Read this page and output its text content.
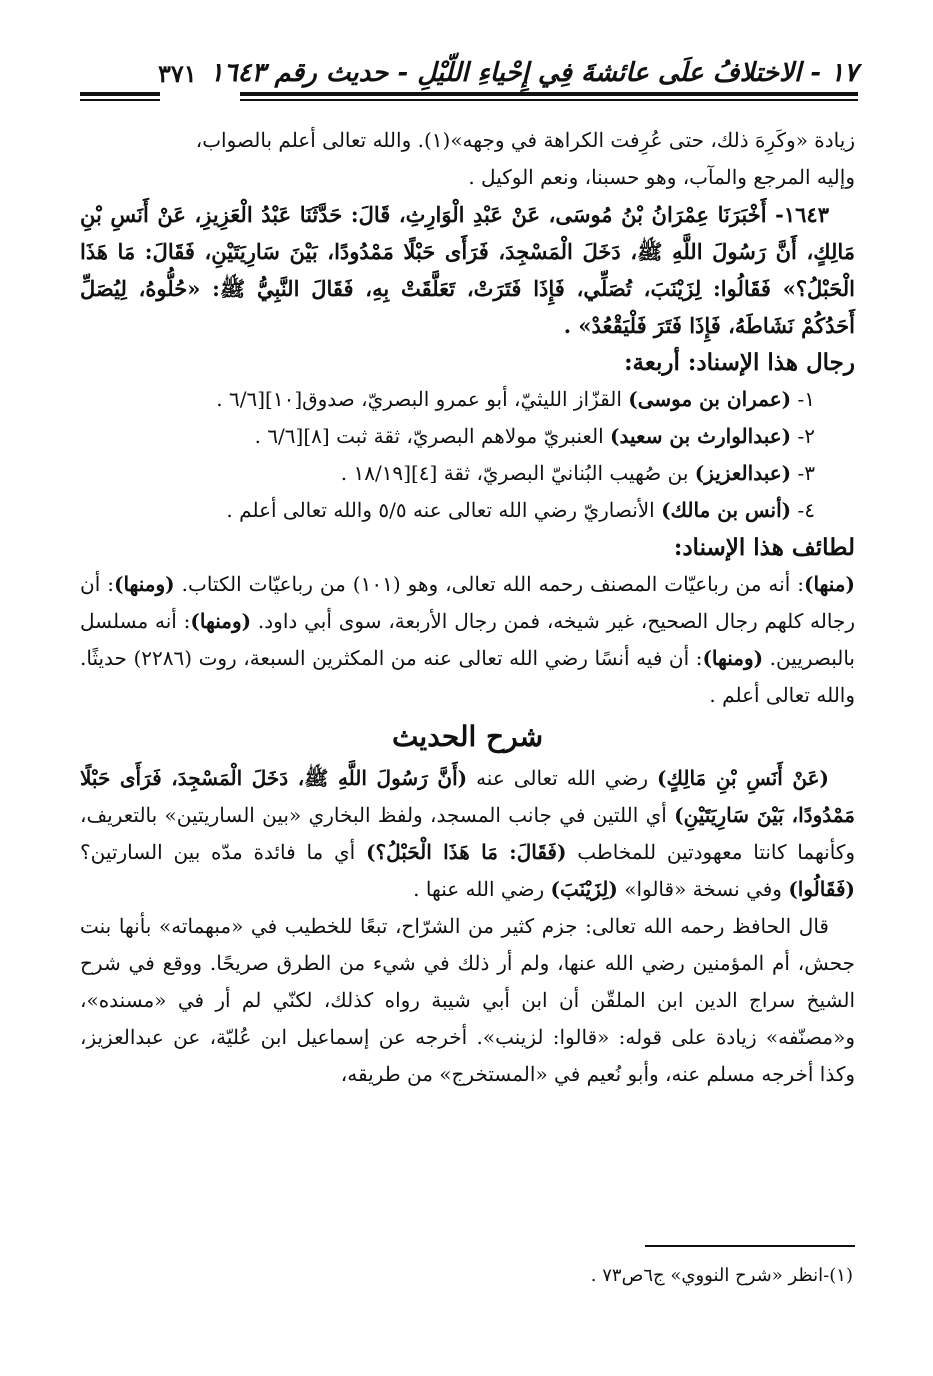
١٧ - الاختلافُ علَى عائشةَ فِي إِحْياءِ اللّيْلِ - حديث رقم ١٦٤٣
٣٧١

زيادة «وكَرِهَ ذلك، حتى عُرِفت الكراهة في وجهه»(١). والله تعالى أعلم بالصواب،

وإليه المرجع والمآب، وهو حسبنا، ونعم الوكيل .

١٦٤٣- أَخْبَرَنَا عِمْرَانُ بْنُ مُوسَى، عَنْ عَبْدِ الْوَارِثِ، قَالَ: حَدَّثَنَا عَبْدُ الْعَزِيزِ، عَنْ أَنَسِ بْنِ مَالِكٍ، أَنَّ رَسُولَ اللَّهِ ﷺ، دَخَلَ الْمَسْجِدَ، فَرَأَى حَبْلًا مَمْدُودًا، بَيْنَ سَارِيَتَيْنِ، فَقَالَ: مَا هَذَا الْحَبْلُ؟» فَقَالُوا: لِزَيْنَبَ، تُصَلِّي، فَإِذَا فَتَرَتْ، تَعَلَّقَتْ بِهِ، فَقَالَ النَّبِيُّ ﷺ: «حُلُّوهُ، لِيُصَلِّ أَحَدُكُمْ نَشَاطَهُ، فَإِذَا فَتَرَ فَلْيَقْعُدْ» .

رجال هذا الإسناد: أربعة:

١- (عمران بن موسى) القزّاز الليثيّ، أبو عمرو البصريّ، صدوق[١٠][٦/٦ .
٢- (عبدالوارث بن سعيد) العنبريّ مولاهم البصريّ، ثقة ثبت [٨][٦/٦ .
٣- (عبدالعزيز) بن صُهيب البُنانيّ البصريّ، ثقة [٤][١٨/١٩ .
٤- (أنس بن مالك) الأنصاريّ رضي الله تعالى عنه ٥/٥ والله تعالى أعلم .

لطائف هذا الإسناد:

(منها): أنه من رباعيّات المصنف رحمه الله تعالى، وهو (١٠١) من رباعيّات الكتاب. (ومنها): أن رجاله كلهم رجال الصحيح، غير شيخه، فمن رجال الأربعة، سوى أبي داود. (ومنها): أنه مسلسل بالبصريين. (ومنها): أن فيه أنسًا رضي الله تعالى عنه من المكثرين السبعة، روت (٢٢٨٦) حديثًا. والله تعالى أعلم .

شرح الحديث

(عَنْ أَنَسِ بْنِ مَالِكٍ) رضي الله تعالى عنه (أَنَّ رَسُولَ اللَّهِ ﷺ، دَخَلَ الْمَسْجِدَ، فَرَأَى حَبْلًا مَمْدُودًا، بَيْنَ سَارِيَتَيْنِ) أي اللتين في جانب المسجد، ولفظ البخاري «بين الساريتين» بالتعريف، وكأنهما كانتا معهودتين للمخاطب (فَقَالَ: مَا هَذَا الْحَبْلُ؟) أي ما فائدة مدّه بين السارتين؟ (فَقَالُوا) وفي نسخة «قالوا» (لِزَيْنَبَ) رضي الله عنها .

قال الحافظ رحمه الله تعالى: جزم كثير من الشرّاح، تبعًا للخطيب في «مبهماته» بأنها بنت جحش، أم المؤمنين رضي الله عنها، ولم أر ذلك في شيء من الطرق صريحًا. ووقع في شرح الشيخ سراج الدين ابن الملقّن أن ابن أبي شيبة رواه كذلك، لكنّي لم أر في «مسنده»، و«مصنّفه» زيادة على قوله: «قالوا: لزينب». أخرجه عن إسماعيل ابن عُليّة، عن عبدالعزيز، وكذا أخرجه مسلم عنه، وأبو نُعيم في «المستخرج» من طريقه،

(١)-انظر «شرح النووي» ج٦ص٧٣ .
